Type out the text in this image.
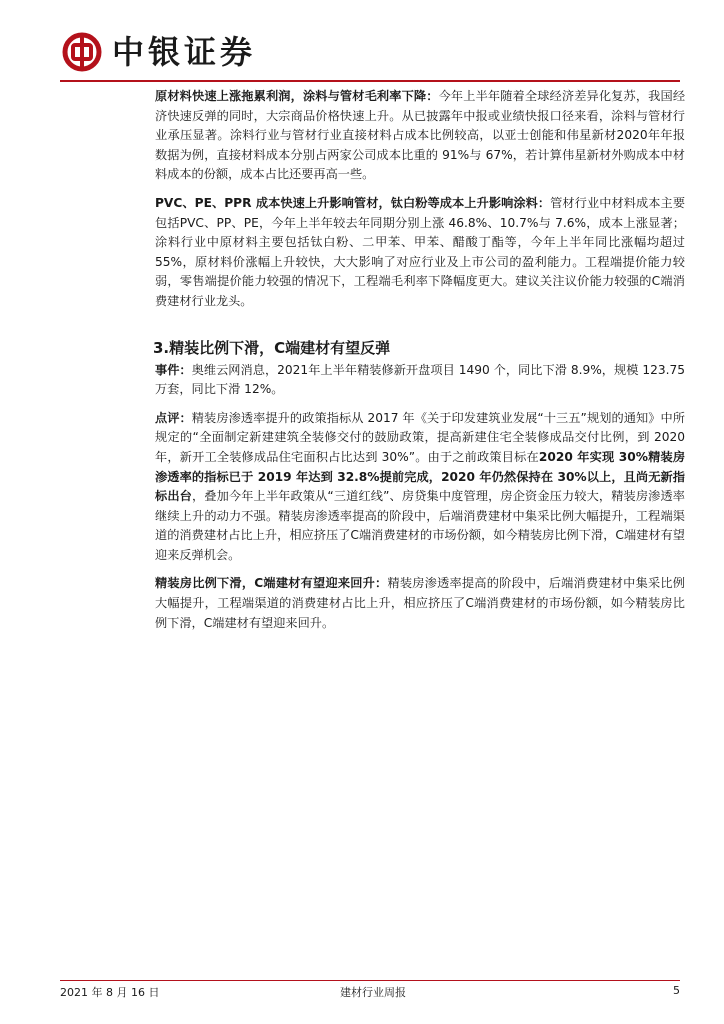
中银证券

原材料快速上涨拖累利润，涂料与管材毛利率下降：今年上半年随着全球经济差异化复苏，我国经济快速反弹的同时，大宗商品价格快速上升。从已披露年中报或业绩快报口径来看，涂料与管材行业承压显著。涂料行业与管材行业直接材料占成本比例较高，以亚士创能和伟星新材2020年年报数据为例，直接材料成本分别占两家公司成本比重的 91%与 67%，若计算伟星新材外购成本中材料成本的份额，成本占比还要再高一些。

PVC、PE、PPR 成本快速上升影响管材，钛白粉等成本上升影响涂料：管材行业中材料成本主要包括PVC、PP、PE，今年上半年较去年同期分别上涨 46.8%、10.7%与 7.6%，成本上涨显著；涂料行业中原材料主要包括钛白粉、二甲苯、甲苯、醋酸丁酯等，今年上半年同比涨幅均超过 55%，原材料价涨幅上升较快，大大影响了对应行业及上市公司的盈利能力。工程端提价能力较弱，零售端提价能力较强的情况下，工程端毛利率下降幅度更大。建议关注议价能力较强的C端消费建材行业龙头。

3.精装比例下滑，C端建材有望反弹

事件：奥维云网消息，2021年上半年精装修新开盘项目 1490 个，同比下滑 8.9%，规模 123.75 万套，同比下滑 12%。

点评：精装房渗透率提升的政策指标从 2017 年《关于印发建筑业发展“十三五”规划的通知》中所规定的“全面制定新建建筑全装修交付的鼓励政策，提高新建住宅全装修成品交付比例，到 2020年，新开工全装修成品住宅面积占比达到 30%”。由于之前政策目标在2020 年实现 30%精装房渗透率的指标已于 2019 年达到 32.8%提前完成，2020 年仍然保持在 30%以上，且尚无新指标出台，叠加今年上半年政策从“三道红线”、房贷集中度管理，房企资金压力较大，精装房渗透率继续上升的动力不强。精装房渗透率提高的阶段中，后端消费建材中集采比例大幅提升，工程端渠道的消费建材占比上升，相应挤压了C端消费建材的市场份额，如今精装房比例下滑，C端建材有望迎来反弹机会。

精装房比例下滑，C端建材有望迎来回升：精装房渗透率提高的阶段中，后端消费建材中集采比例大幅提升，工程端渠道的消费建材占比上升，相应挤压了C端消费建材的市场份额，如今精装房比例下滑，C端建材有望迎来回升。

2021 年 8 月 16 日	建材行业周报	5
